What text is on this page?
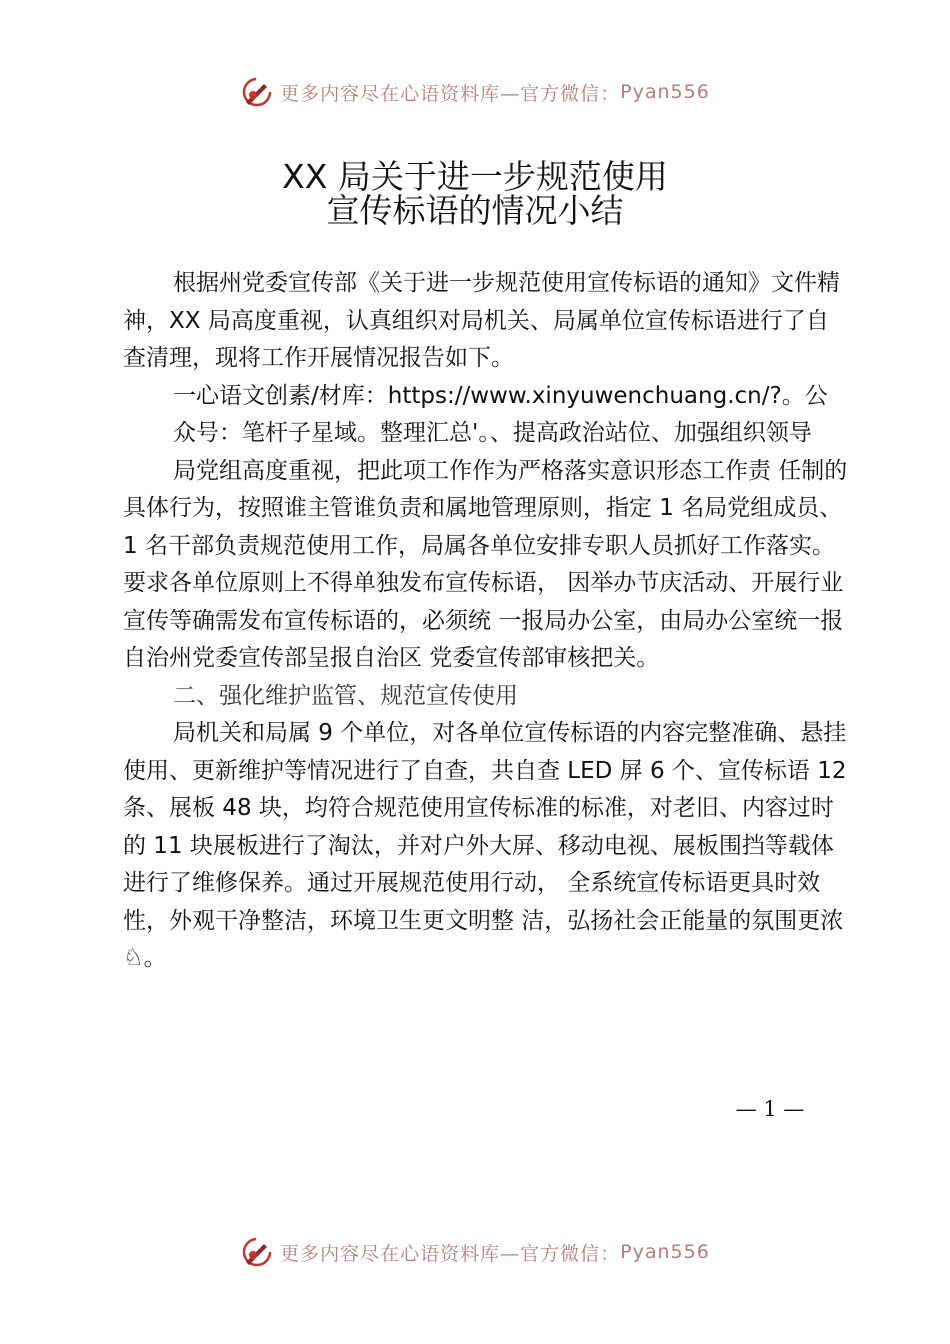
更多内容尽在心语资料库—官方微信： Pyan556
XX 局关于进一步规范使用
宣传标语的情况小结

根据州党委宣传部《关于进一步规范使用宣传标语的通知》文件精神，XX 局高度重视，认真组织对局机关、局属单位宣传标语进行了自查清理，现将工作开展情况报告如下。

一心语文创素/材库：https://www.xinyuwenchuang.cn/?。公众号：笔杆子星域。整理汇总'。、提高政治站位、加强组织领导

局党组高度重视，把此项工作作为严格落实意识形态工作责 任制的具体行为，按照谁主管谁负责和属地管理原则，指定 1 名局党组成员、1 名干部负责规范使用工作，局属各单位安排专职人员抓好工作落实。要求各单位原则上不得单独发布宣传标语， 因举办节庆活动、开展行业宣传等确需发布宣传标语的，必须统 一报局办公室，由局办公室统一报自治州党委宣传部呈报自治区 党委宣传部审核把关。

二、强化维护监管、规范宣传使用

局机关和局属 9 个单位，对各单位宣传标语的内容完整准确、悬挂使用、更新维护等情况进行了自查，共自查 LED 屏 6 个、宣传标语 12 条、展板 48 块，均符合规范使用宣传标准的标准，对老旧、内容过时的 11 块展板进行了淘汰，并对户外大屏、移动电视、展板围挡等载体进行了维修保养。通过开展规范使用行动， 全系统宣传标语更具时效性，外观干净整洁，环境卫生更文明整 洁，弘扬社会正能量的氛围更浓♘。

— 1 —
更多内容尽在心语资料库—官方微信： Pyan556
